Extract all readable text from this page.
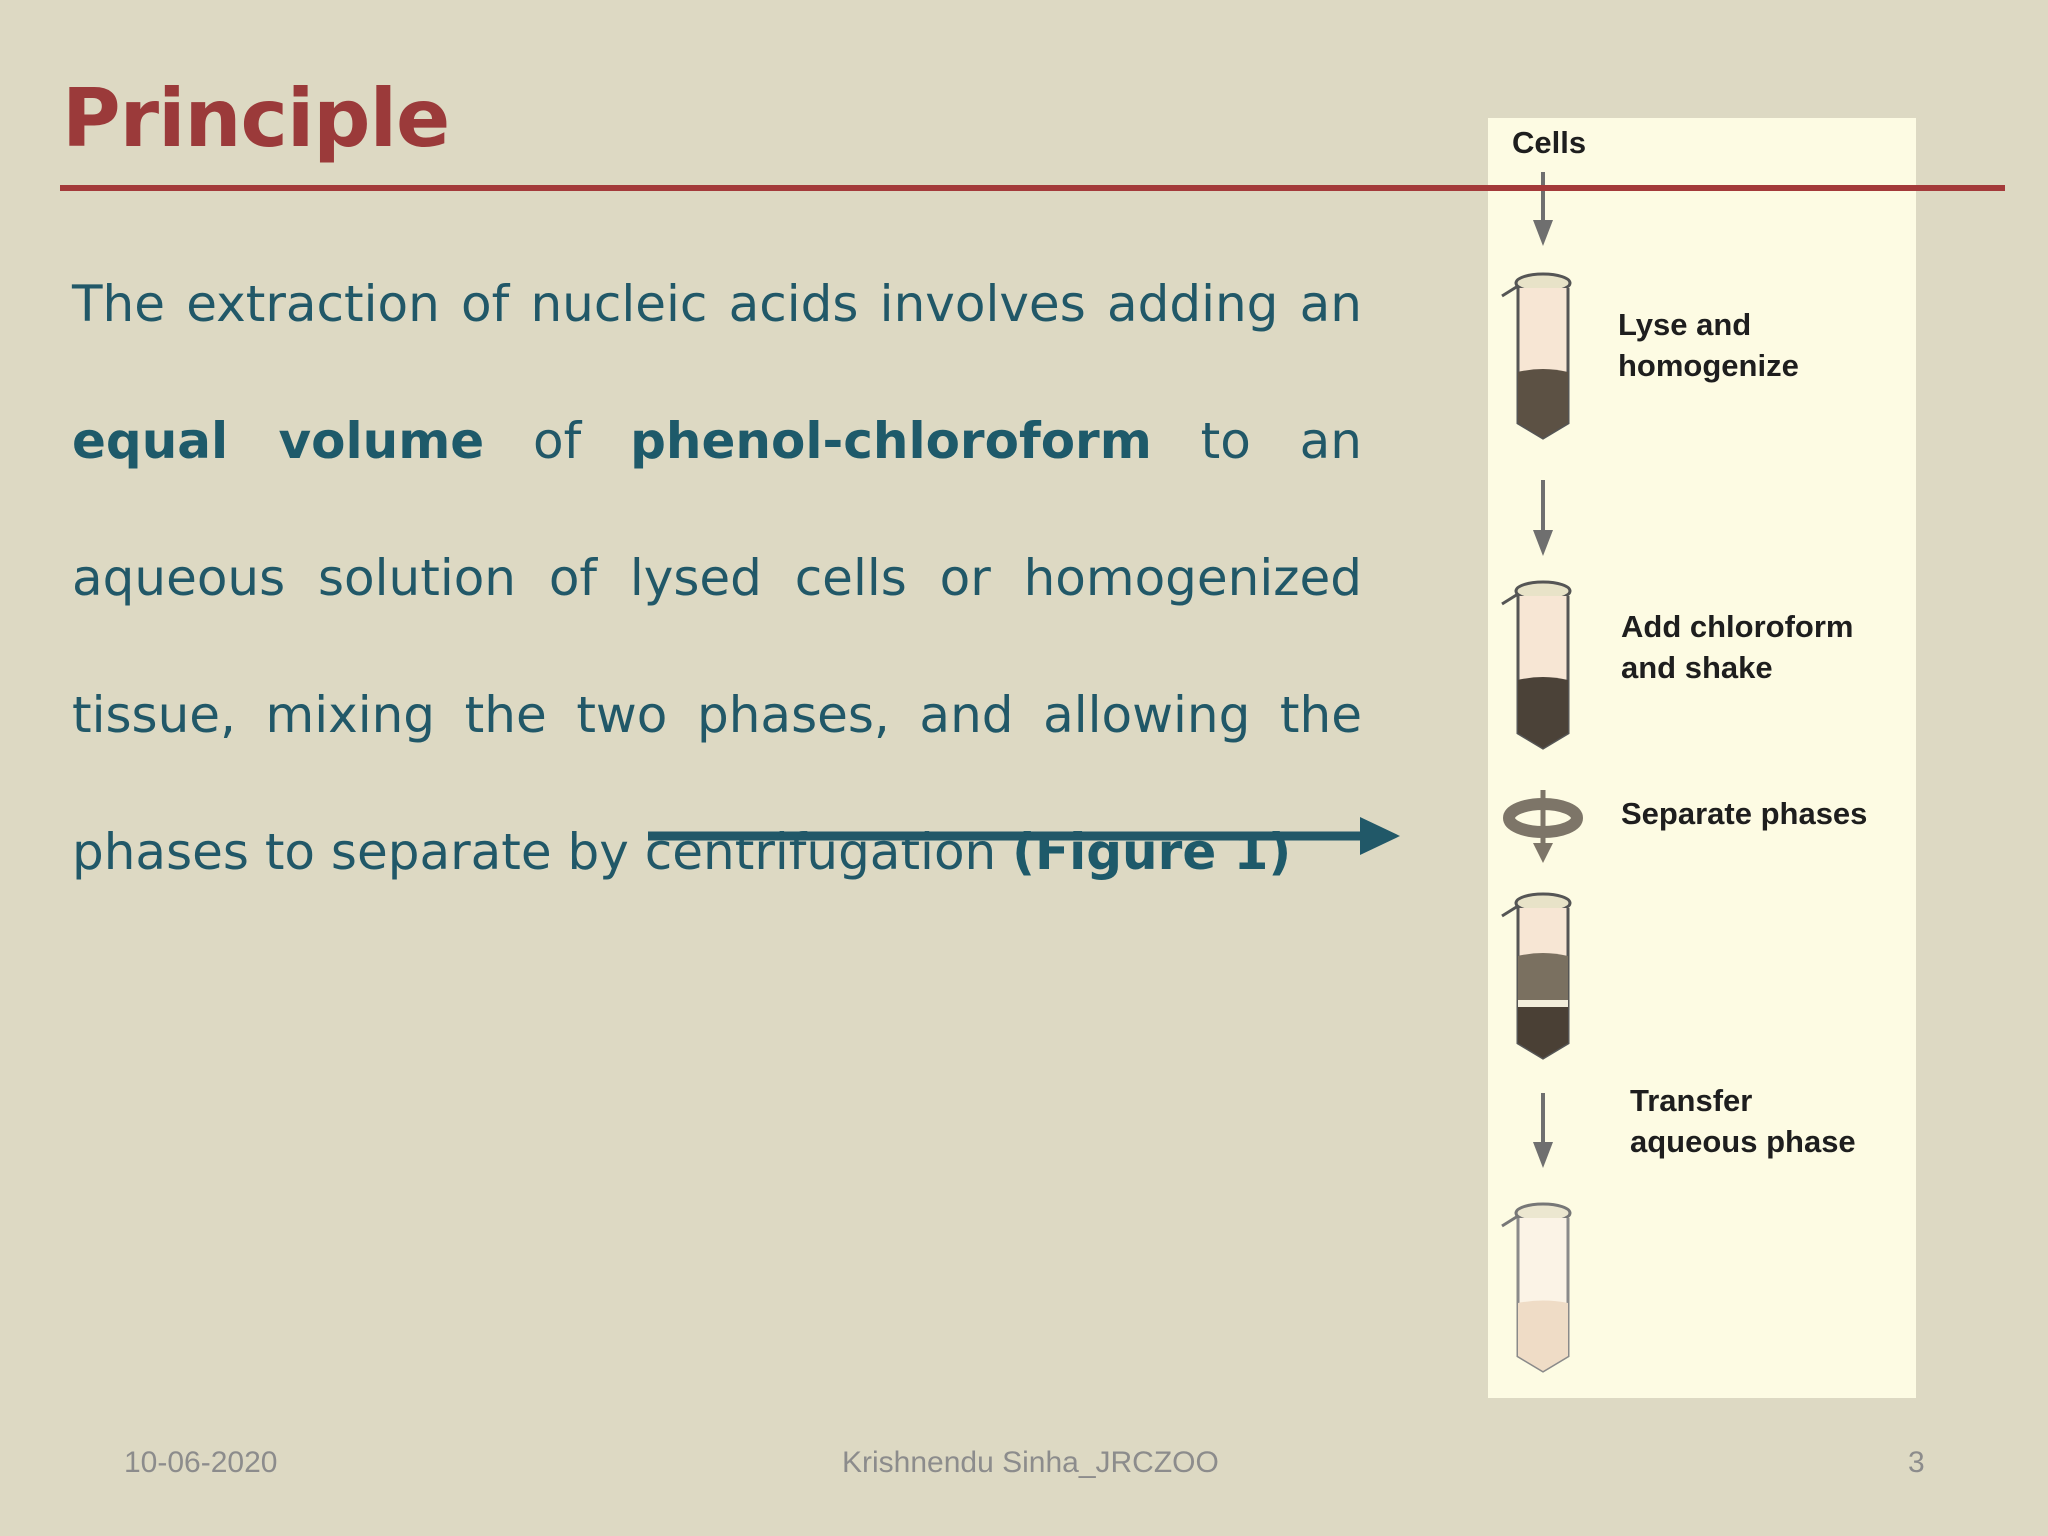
Principle

The extraction of nucleic acids involves adding an equal volume of phenol-chloroform to an aqueous solution of lysed cells or homogenized tissue, mixing the two phases, and allowing the phases to separate by centrifugation (Figure 1)

Cells

Lyse and
homogenize

Add chloroform
and shake

Separate phases

Transfer
aqueous phase

10-06-2020	Krishnendu Sinha_JRCZOO	3
